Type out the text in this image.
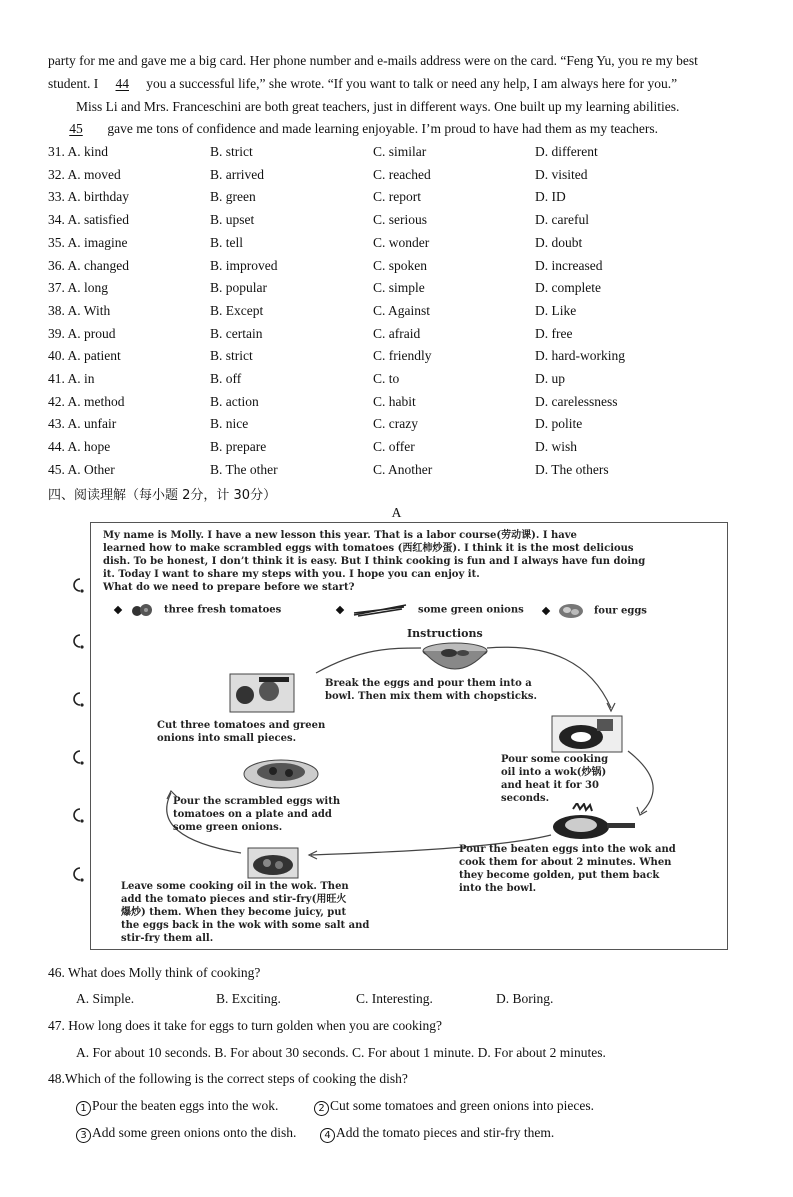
party for me and gave me a big card. Her phone number and e-mails address were on the card. “Feng Yu, you re my best
student. I 44 you a successful life,” she wrote. “If you want to talk or need any help, I am always here for you.”
Miss Li and Mrs. Franceschini are both great teachers, just in different ways. One built up my learning abilities.
45 gave me tons of confidence and made learning enjoyable. I’m proud to have had them as my teachers.
31. A. kind	B. strict	C. similar	D. different
32. A. moved	B. arrived	C. reached	D. visited
33. A. birthday	B. green	C. report	D. ID
34. A. satisfied	B. upset	C. serious	D. careful
35. A. imagine	B. tell	C. wonder	D. doubt
36. A. changed	B. improved	C. spoken	D. increased
37. A. long	B. popular	C. simple	D. complete
38. A. With	B. Except	C. Against	D. Like
39. A. proud	B. certain	C. afraid	D. free
40. A. patient	B. strict	C. friendly	D. hard-working
41. A. in	B. off	C. to	D. up
42. A. method	B. action	C. habit	D. carelessness
43. A. unfair	B. nice	C. crazy	D. polite
44. A. hope	B. prepare	C. offer	D. wish
45. A. Other	B. The other	C. Another	D. The others
四、阅读理解（每小题 2分，计 30分）
A
My name is Molly. I have a new lesson this year. That is a labor course(劳动课). I have
learned how to make scrambled eggs with tomatoes (西红柿炒蛋). I think it is the most delicious
dish. To be honest, I don’t think it is easy. But I think cooking is fun and I always have fun doing
it. Today I want to share my steps with you. I hope you can enjoy it.
What do we need to prepare before we start?
three fresh tomatoes	some green onions	four eggs
Instructions
Cut three tomatoes and green
onions into small pieces.
Break the eggs and pour them into a
bowl. Then mix them with chopsticks.
Pour some cooking
oil into a wok(炒锅)
and heat it for 30
seconds.
Pour the beaten eggs into the wok and
cook them for about 2 minutes. When
they become golden, put them back
into the bowl.
Leave some cooking oil in the wok. Then
add the tomato pieces and stir-fry(用旺火
爆炒) them. When they become juicy, put
the eggs back in the wok with some salt and
stir-fry them all.
Pour the scrambled eggs with
tomatoes on a plate and add
some green onions.
46. What does Molly think of cooking?
A. Simple.	B. Exciting.	C. Interesting.	D. Boring.
47. How long does it take for eggs to turn golden when you are cooking?
A. For about 10 seconds. B. For about 30 seconds. C. For about 1 minute. D. For about 2 minutes.
48.Which of the following is the correct steps of cooking the dish?
1 Pour the beaten eggs into the wok.	2 Cut some tomatoes and green onions into pieces.
3 Add some green onions onto the dish.	4 Add the tomato pieces and stir-fry them.
